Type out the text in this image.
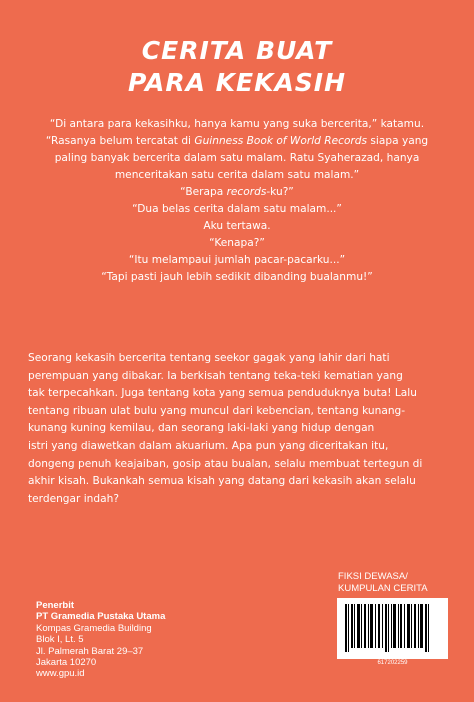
CERITA BUAT
PARA KEKASIH
“Di antara para kekasihku, hanya kamu yang suka bercerita,” katamu.
“Rasanya belum tercatat di Guinness Book of World Records siapa yang
paling banyak bercerita dalam satu malam. Ratu Syaherazad, hanya
menceritakan satu cerita dalam satu malam.”
“Berapa records-ku?”
“Dua belas cerita dalam satu malam...”
Aku tertawa.
“Kenapa?”
“Itu melampaui jumlah pacar-pacarku...”
“Tapi pasti jauh lebih sedikit dibanding bualanmu!”
Seorang kekasih bercerita tentang seekor gagak yang lahir dari hati
perempuan yang dibakar. Ia berkisah tentang teka-teki kematian yang
tak terpecahkan. Juga tentang kota yang semua penduduknya buta! Lalu
tentang ribuan ulat bulu yang muncul dari kebencian, tentang kunang-
kunang kuning kemilau, dan seorang laki-laki yang hidup dengan
istri yang diawetkan dalam akuarium. Apa pun yang diceritakan itu,
dongeng penuh keajaiban, gosip atau bualan, selalu membuat tertegun di
akhir kisah. Bukankah semua kisah yang datang dari kekasih akan selalu
terdengar indah?
FIKSI DEWASA/
KUMPULAN CERITA
Penerbit
PT Gramedia Pustaka Utama
Kompas Gramedia Building
Blok I, Lt. 5
Jl. Palmerah Barat 29–37
Jakarta 10270
www.gpu.id
617202259
